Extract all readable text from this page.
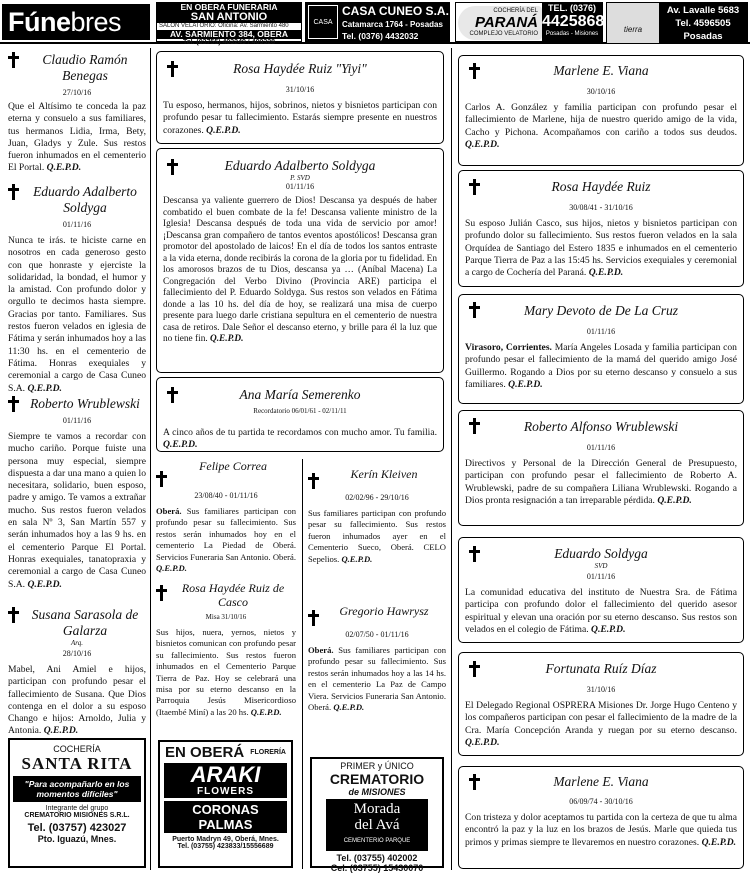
Fúnebres	EN OBERA FUNERARIA
SAN ANTONIO
SALON VELATORIO: Oficina: Av. Sarmiento 480
AV. SARMIENTO 384, OBERA
Tel. (03755) 403249 / 409328
CASA CUNEO
CASA CUNEO S.A.
Catamarca 1764 - Posadas
Tel. (0376) 4432032
COCHERÍA DEL
PARANÁ
COMPLEJO VELATORIO
TEL. (0376)
4425868
Posadas - Misiones	tierra
Av. Lavalle 5683
Tel. 4596505
Posadas
Claudio Ramón Benegas
27/10/16
Que el Altísimo te conceda la paz eterna y consuelo a sus familiares, tus hermanos Lidia, Irma, Bety, Juan, Gladys y Zule. Sus restos fueron inhumados en el cementerio El Portal. Q.E.P.D.
Eduardo Adalberto Soldyga
01/11/16
Nunca te irás. te hiciste carne en nosotros en cada generoso gesto con que honraste y ejerciste la solidaridad, la bondad, el humor y la amistad. Con profundo dolor y orgullo te decimos hasta siempre. Gracias por tanto. Familiares. Sus restos fueron velados en iglesia de Fátima y serán inhumados hoy a las 11:30 hs. en el cementerio de Fátima. Honras exequiales y ceremonial a cargo de Casa Cuneo S.A. Q.E.P.D.
Roberto Wrublewski
01/11/16
Siempre te vamos a recordar con mucho cariño. Porque fuiste una persona muy especial, siempre dispuesta a dar una mano a quien lo necesitara, solidario, buen esposo, padre y amigo. Te vamos a extrañar mucho. Sus restos fueron velados en sala Nº 3, San Martín 557 y serán inhumados hoy a las 9 hs. en el cementerio Parque El Portal. Honras exequiales, tanatopraxia y ceremonial a cargo de Casa Cuneo S.A. Q.E.P.D.
Susana Sarasola de Galarza
Arq.
28/10/16
Mabel, Ani Amiel e hijos, participan con profundo pesar el fallecimiento de Susana. Que Dios contenga en el dolor a su esposo Chango e hijos: Arnoldo, Julia y Antonia. Q.E.P.D.
COCHERÍA
SANTA RITA
"Para acompañarlo en los momentos difíciles"
Integrante del grupo
CREMATORIO MISIONES S.R.L.
Tel. (03757) 423027
Pto. Iguazú, Mnes.
Rosa Haydée Ruiz "Yiyi"
31/10/16
Tu esposo, hermanos, hijos, sobrinos, nietos y bisnietos participan con profundo pesar tu fallecimiento. Estarás siempre presente en nuestros corazones. Q.E.P.D.
Eduardo Adalberto Soldyga
P. SVD
01/11/16
Descansa ya valiente guerrero de Dios! Descansa ya después de haber combatido el buen combate de la fe! Descansa valiente ministro de la Iglesia! Descansa después de toda una vida de servicio por amor! ¡Descansa gran compañero de tantos eventos apostólicos! Descansa gran promotor del apostolado de laicos! En el día de todos los santos entraste a la vida eterna, donde recibirás la corona de la gloria por tu fidelidad. En los amorosos brazos de tu Dios, descansa ya … (Aníbal Macena) La Congregación del Verbo Divino (Provincia ARE) participa el fallecimiento del P. Eduardo Soldyga. Sus restos son velados en Fátima donde a las 10 hs. del día de hoy, se realizará una misa de cuerpo presente para luego darle cristiana sepultura en el cementerio de nuestra casa de retiros. Dale Señor el descanso eterno, y brille para él la luz que no tiene fin. Q.E.P.D.
Ana María Semerenko
Recordatorio 06/01/61 - 02/11/11
A cinco años de tu partida te recordamos con mucho amor. Tu familia. Q.E.P.D.
Felipe Correa
23/08/40 - 01/11/16
Oberá. Sus familiares participan con profundo pesar su fallecimiento. Sus restos serán inhumados hoy en el cementerio La Piedad de Oberá. Servicios Funeraria San Antonio. Oberá. Q.E.P.D.
Rosa Haydée Ruiz de Casco
Misa 31/10/16
Sus hijos, nuera, yernos, nietos y bisnietos comunican con profundo pesar su fallecimiento. Sus restos fueron inhumados en el Cementerio Parque Tierra de Paz. Hoy se celebrará una misa por su eterno descanso en la Parroquia Jesús Misericordioso (Itaembé Miní) a las 20 hs. Q.E.P.D.
Kerín Kleiven
02/02/96 - 29/10/16
Sus familiares participan con profundo pesar su fallecimiento. Sus restos fueron inhumados ayer en el Cementerio Sueco, Oberá. CELO Sepelios. Q.E.P.D.
Gregorio Hawrysz
02/07/50 - 01/11/16
Oberá. Sus familiares participan con profundo pesar su fallecimiento. Sus restos serán inhumados hoy a las 14 hs. en el cementerio La Paz de Campo Viera. Servicios Funeraria San Antonio. Oberá. Q.E.P.D.
EN OBERÁ FLORERÍA
ARAKI
FLOWERS
CORONAS
PALMAS
Puerto Madryn 49, Oberá, Mnes.
Tel. (03755) 423833/15556689
PRIMER y ÚNICO
CREMATORIO
de MISIONES
Morada
del Avá
CEMENTERIO PARQUE
Tel. (03755) 402002
Cel. (03755) 15430070
Marlene E. Viana
30/10/16
Carlos A. González y familia participan con profundo pesar el fallecimiento de Marlene, hija de nuestro querido amigo de la vida, Cacho y Pichona. Acompañamos con cariño a todos sus deudos. Q.E.P.D.
Rosa Haydée Ruiz
30/08/41 - 31/10/16
Su esposo Julián Casco, sus hijos, nietos y bisnietos participan con profundo dolor su fallecimiento. Sus restos fueron velados en la sala Orquídea de Santiago del Estero 1835 e inhumados en el cementerio Parque Tierra de Paz a las 15:45 hs. Servicios exequiales y ceremonial a cargo de Cochería del Paraná. Q.E.P.D.
Mary Devoto de De La Cruz
01/11/16
Virasoro, Corrientes. María Angeles Losada y familia participan con profundo pesar el fallecimiento de la mamá del querido amigo José Guillermo. Rogando a Dios por su eterno descanso y consuelo a sus familiares. Q.E.P.D.
Roberto Alfonso Wrublewski
01/11/16
Directivos y Personal de la Dirección General de Presupuesto, participan con profundo pesar el fallecimiento de Roberto A. Wrublewski, padre de su compañera Liliana Wrublewski. Rogando a Dios pronta resignación a tan irreparable pérdida. Q.E.P.D.
Eduardo Soldyga
SVD
01/11/16
La comunidad educativa del instituto de Nuestra Sra. de Fátima participa con profundo dolor el fallecimiento del querido asesor espiritual y elevan una oración por su eterno descanso. Sus restos son velados en el colegio de Fátima. Q.E.P.D.
Fortunata Ruíz Díaz
31/10/16
El Delegado Regional OSPRERA Misiones Dr. Jorge Hugo Centeno y los compañeros participan con pesar el fallecimiento de la madre de la Cra. María Concepción Aranda y ruegan por su eterno descanso. Q.E.P.D.
Marlene E. Viana
06/09/74 - 30/10/16
Con tristeza y dolor aceptamos tu partida con la certeza de que tu alma encontró la paz y la luz en los brazos de Jesús. Marle que quieda tus primos y primas siempre te llevaremos en nuestro corazones. Q.E.P.D.
